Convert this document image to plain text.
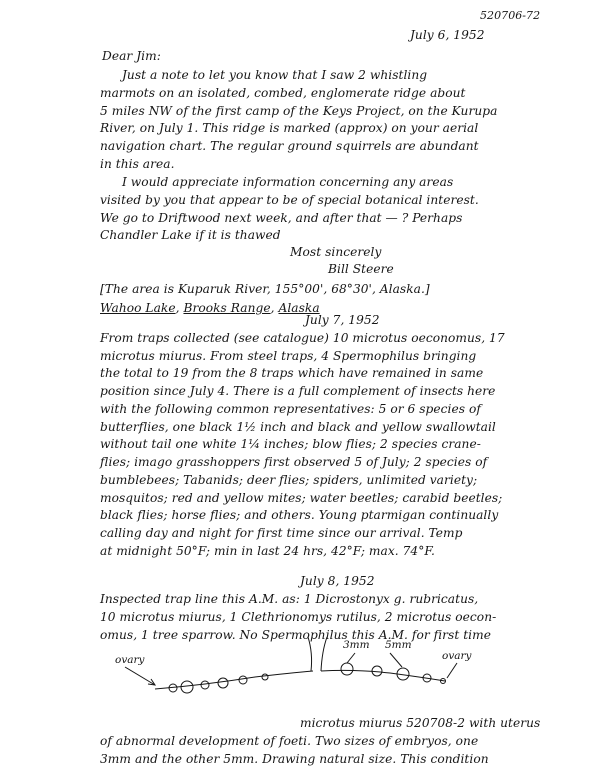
520706-72
July 6, 1952
Dear Jim:
Just a note to let you know that I saw 2 whistling
marmots on an isolated, combed, englomerate ridge about
5 miles NW of the first camp of the Keys Project, on the Kurupa
River, on July 1. This ridge is marked (approx) on your aerial
navigation chart. The regular ground squirrels are abundant
in this area.
I would appreciate information concerning any areas
visited by you that appear to be of special botanical interest.
We go to Driftwood next week, and after that — ? Perhaps
Chandler Lake if it is thawed
Most sincerely
Bill Steere
[The area is Kuparuk River, 155°00', 68°30', Alaska.]
Wahoo Lake, Brooks Range, Alaska
July 7, 1952
From traps collected (see catalogue) 10 microtus oeconomus, 17
microtus miurus. From steel traps, 4 Spermophilus bringing
the total to 19 from the 8 traps which have remained in same
position since July 4. There is a full complement of insects here
with the following common representatives: 5 or 6 species of
butterflies, one black 1½ inch and black and yellow swallowtail
without tail one white 1¼ inches; blow flies; 2 species crane-
flies; imago grasshoppers first observed 5 of July; 2 species of
bumblebees; Tabanids; deer flies; spiders, unlimited variety;
mosquitos; red and yellow mites; water beetles; carabid beetles;
black flies; horse flies; and others. Young ptarmigan continually
calling day and night for first time since our arrival. Temp
at midnight 50°F; min in last 24 hrs, 42°F; max. 74°F.
July 8, 1952
Inspected trap line this A.M. as: 1 Dicrostonyx g. rubricatus,
10 microtus miurus, 1 Clethrionomys rutilus, 2 microtus oecon-
omus, 1 tree sparrow. No Spermophilus this A.M. for first time
ovary
3mm 5mm
ovary
microtus miurus 520708-2 with uterus
of abnormal development of foeti. Two sizes of embryos, one
3mm and the other 5mm. Drawing natural size. This condition
